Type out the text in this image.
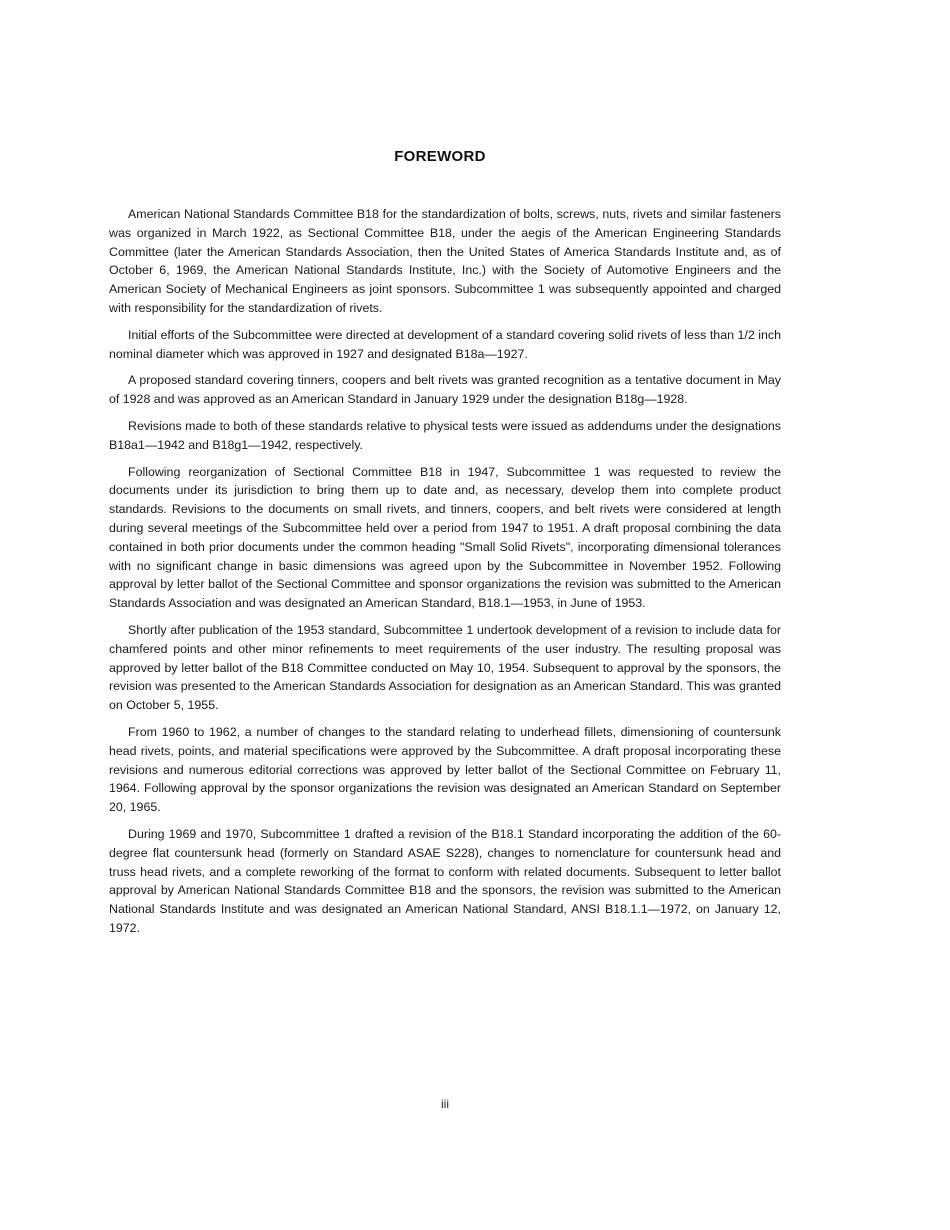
FOREWORD

American National Standards Committee B18 for the standardization of bolts, screws, nuts, rivets and similar fasteners was organized in March 1922, as Sectional Committee B18, under the aegis of the American Engineering Standards Committee (later the American Standards Association, then the United States of America Standards Institute and, as of October 6, 1969, the American National Standards Institute, Inc.) with the Society of Automotive Engineers and the American Society of Mechanical Engineers as joint sponsors. Subcommittee 1 was subsequently appointed and charged with responsibility for the standardization of rivets.

Initial efforts of the Subcommittee were directed at development of a standard covering solid rivets of less than 1/2 inch nominal diameter which was approved in 1927 and designated B18a—1927.

A proposed standard covering tinners, coopers and belt rivets was granted recognition as a tentative document in May of 1928 and was approved as an American Standard in January 1929 under the designation B18g—1928.

Revisions made to both of these standards relative to physical tests were issued as addendums under the designations B18a1—1942 and B18g1—1942, respectively.

Following reorganization of Sectional Committee B18 in 1947, Subcommittee 1 was requested to review the documents under its jurisdiction to bring them up to date and, as necessary, develop them into complete product standards. Revisions to the documents on small rivets, and tinners, coopers, and belt rivets were considered at length during several meetings of the Subcommittee held over a period from 1947 to 1951. A draft proposal combining the data contained in both prior documents under the common heading "Small Solid Rivets", incorporating dimensional tolerances with no significant change in basic dimensions was agreed upon by the Subcommittee in November 1952. Following approval by letter ballot of the Sectional Committee and sponsor organizations the revision was submitted to the American Standards Association and was designated an American Standard, B18.1—1953, in June of 1953.

Shortly after publication of the 1953 standard, Subcommittee 1 undertook development of a revision to include data for chamfered points and other minor refinements to meet requirements of the user industry. The resulting proposal was approved by letter ballot of the B18 Committee conducted on May 10, 1954. Subsequent to approval by the sponsors, the revision was presented to the American Standards Association for designation as an American Standard. This was granted on October 5, 1955.

From 1960 to 1962, a number of changes to the standard relating to underhead fillets, dimensioning of countersunk head rivets, points, and material specifications were approved by the Subcommittee. A draft proposal incorporating these revisions and numerous editorial corrections was approved by letter ballot of the Sectional Committee on February 11, 1964. Following approval by the sponsor organizations the revision was designated an American Standard on September 20, 1965.

During 1969 and 1970, Subcommittee 1 drafted a revision of the B18.1 Standard incorporating the addition of the 60-degree flat countersunk head (formerly on Standard ASAE S228), changes to nomenclature for countersunk head and truss head rivets, and a complete reworking of the format to conform with related documents. Subsequent to letter ballot approval by American National Standards Committee B18 and the sponsors, the revision was submitted to the American National Standards Institute and was designated an American National Standard, ANSI B18.1.1—1972, on January 12, 1972.

iii
